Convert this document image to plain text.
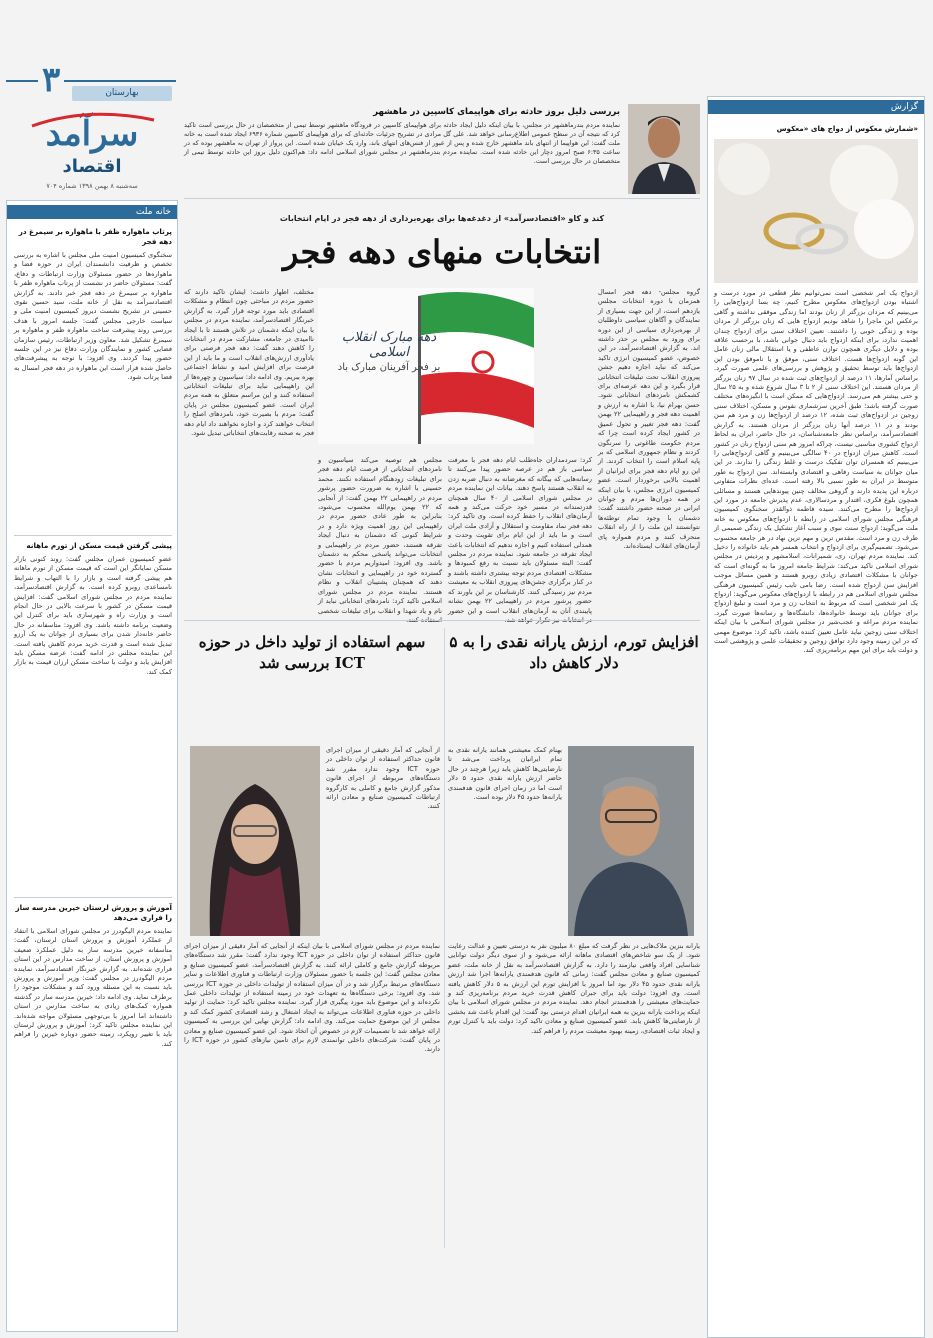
گزارش
شمارش معکوس از دواج های «معکوس»
ازدواج یک امر شخصی است نمی‌توانیم نظر قطعی در مورد درست و اشتباه بودن ازدواج‌های معکوس مطرح کنیم، چه بسا ازدواج‌هایی را می‌بینیم که مردان بزرگتر از زنان بودند اما زندگی موفقی نداشته و گاهی برعکس این ماجرا را شاهد بودیم ازدواج هایی که زنان بزرگتر از مردان بوده و زندگی خوبی را داشتند. تعیین اختلاف سنی برای ازدواج چندان اهمیت ندارد، برای اینکه ازدواج باید دنبال جوانی باشد، با برحسب علاقه بوده و دلایل دیگری همچون توازن عاطفی و یا استقلال مالی زنان عامل این گونه ازدواج‌ها هست. اختلاف سنی، موفق و یا ناموفق بودن این ازدواج‌ها باید توسط تحقیق و پژوهش و بررسی‌های علمی صورت گیرد. براساس آمارها، ۱۱ درصد از ازدواج‌های ثبت شده در سال ۹۷ زنان بزرگتر از مردان هستند. این اختلاف سنی از ۲ تا ۳ سال شروع شده و به ۲۵ سال و حتی بیشتر هم می‌رسد. ازدواج‌هایی که ممکن است با انگیزه‌های مختلف صورت گرفته باشد؛ طبق آخرین سرشماری نفوس و مسکن، اختلاف سنی زوجین در ازدواج‌های ثبت شده، ۱۲ درصد از ازدواج‌ها زن و مرد هم سن بودند و در ۱۱ درصد آنها زنان بزرگتر از مردان هستند. به گزارش اقتصادسرآمد، براساس نظر جامعه‌شناسان، در حال حاضر، ایران به لحاظ ازدواج کشوری مناسبی نیست، چراکه امروز هم سنی ازدواج زنان در کشور است. کاهش میزان ازدواج در ۴۰ سالگی می‌بینیم و گاهی ازدواج‌هایی را می‌بینیم که همسران توان تفکیک درست و غلط زندگی را ندارند. در این میان جوانان به سیاست رفاهی و اقتصادی وابسته‌اند. سن ازدواج به طور متوسط در ایران به طور نسبی بالا رفته است. عده‌ای نظرات متفاوتی درباره این پدیده دارند و گروهی مخالف چنین پیوندهایی هستند و مسائلی همچون بلوغ فکری، اقتدار و مردسالاری، عدم پذیرش جامعه در مورد این ازدواج‌ها را مطرح می‌کنند. سیده فاطمه ذوالقدر سخنگوی کمیسیون فرهنگی مجلس شورای اسلامی در رابطه با ازدواج‌های معکوس به خانه ملت می‌گوید: ازدواج سنت نبوی و سبب آغاز تشکیل یک زندگی صمیمی از طرف زن و مرد است. مقدس ترین و مهم ترین نهاد در هر جامعه محسوب می‌شود. تصمیم‌گیری برای ازدواج و انتخاب همسر هم باید خانواده را دخیل کند. نماینده مردم تهران، ری، شمیرانات، اسلامشهر و پردیس در مجلس شورای اسلامی تاکید می‌کند: شرایط جامعه امروز ما به گونه‌ای است که جوانان با مشکلات اقتصادی زیادی روبرو هستند و همین مسائل موجب افزایش سن ازدواج شده است. رضا بامی نایب رئیس کمیسیون فرهنگی مجلس شورای اسلامی هم در رابطه با ازدواج‌های معکوس می‌گوید: ازدواج یک امر شخصی است که مربوط به انتخاب زن و مرد است و تبلیغ ازدواج برای جوانان باید توسط خانواده‌ها، دانشگاه‌ها و رسانه‌ها صورت گیرد. نماینده مردم مراغه و عجب‌شیر در مجلس شورای اسلامی با بیان اینکه اختلاف سنی زوجین نباید عامل تعیین کننده باشد، تاکید کرد: موضوع مهمی که در این زمینه وجود دارد توافق زوجین و تحقیقات علمی و پژوهشی است و دولت باید برای این مهم برنامه‌ریزی کند.
۳	بهارستان
سرآمد
اقتصاد
سه‌شنبه ۸ بهمن ۱۳۹۸ شماره ۷۰۴
خانه ملت
پرتاب ماهواره ظفر با ماهواره بر سیمرغ در دهه فجر
سخنگوی کمیسیون امنیت ملی مجلس با اشاره به بررسی تخصص و ظرفیت دانشمندان ایران در حوزه فضا و ماهواره‌ها در حضور مسئولان وزارت ارتباطات و دفاع، گفت: مسئولان حاضر در نشست از پرتاب ماهواره ظفر با ماهواره بر سیمرغ در دهه فجر خبر دادند. به گزارش اقتصادسرآمد به نقل از خانه ملت، سید حسین نقوی حسینی در تشریح نشست دیروز کمیسیون امنیت ملی و سیاست خارجی مجلس گفت: جلسه امروز با هدف بررسی روند پیشرفت ساخت ماهواره ظفر و ماهواره بر سیمرغ تشکیل شد. معاون وزیر ارتباطات، رئیس سازمان فضایی کشور و نمایندگان وزارت دفاع نیز در این جلسه حضور پیدا کردند. وی افزود: با توجه به پیشرفت‌های حاصل شده قرار است این ماهواره در دهه فجر امسال به فضا پرتاب شود.
پیشی گرفتن قیمت مسکن از تورم ماهانه
عضو کمیسیون عمران مجلس گفت: روند کنونی بازار مسکن نمایانگر این است که قیمت مسکن از تورم ماهانه هم پیشی گرفته است و بازار را با التهاب و شرایط نامساعدی روبرو کرده است. به گزارش اقتصادسرآمد، نماینده مردم در مجلس شورای اسلامی گفت: افزایش قیمت مسکن در کشور با سرعت بالایی در حال انجام است و وزارت راه و شهرسازی باید برای کنترل این وضعیت برنامه داشته باشد. وی افزود: متاسفانه در حال حاضر خانه‌دار شدن برای بسیاری از جوانان به یک آرزو تبدیل شده است و قدرت خرید مردم کاهش یافته است. این نماینده مجلس در ادامه گفت: عرضه مسکن باید افزایش یابد و دولت با ساخت مسکن ارزان قیمت به بازار کمک کند.
آموزش و پرورش لرستان خیرین مدرسه ساز را فراری می‌دهد
نماینده مردم الیگودرز در مجلس شورای اسلامی با انتقاد از عملکرد آموزش و پرورش استان لرستان، گفت: متأسفانه خیرین مدرسه ساز به دلیل عملکرد ضعیف آموزش و پرورش استان، از ساخت مدارس در این استان فراری شده‌اند. به گزارش خبرنگار اقتصادسرآمد، نماینده مردم الیگودرز در مجلس گفت: وزیر آموزش و پرورش باید نسبت به این مسئله ورود کند و مشکلات موجود را برطرف نماید. وی ادامه داد: خیرین مدرسه ساز در گذشته همواره کمک‌های زیادی به ساخت مدارس در استان داشته‌اند اما امروز با بی‌توجهی مسئولان مواجه شده‌اند. این نماینده مجلس تاکید کرد: آموزش و پرورش لرستان باید با تغییر رویکرد، زمینه حضور دوباره خیرین را فراهم کند.
بررسی دلیل بروز حادثه برای هواپیمای کاسپین در ماهشهر
نماینده مردم بندرماهشهر در مجلس، با بیان اینکه دلیل ایجاد حادثه برای هواپیمای کاسپین در فرودگاه ماهشهر توسط تیمی از متخصصان در حال بررسی است تاکید کرد که نتیجه آن در سطح عمومی اطلاع‌رسانی خواهد شد. علی گل مرادی در تشریح جزئیات حادثه‌ای که برای هواپیمای کاسپین شماره ۶۹۳۶ ایجاد شده است به خانه ملت گفت: این هواپیما از انتهای باند ماهشهر خارج شده و پس از عبور از فنس‌های انتهای باند، وارد یک خیابان شده است. این پرواز از تهران به ماهشهر بوده که در ساعت ۶:۳۵ صبح امروز دچار این حادثه شده است. نماینده مردم بندرماهشهر در مجلس شورای اسلامی ادامه داد: هم‌اکنون دلیل بروز این حادثه توسط تیمی از متخصصان در حال بررسی است.
کند و کاو «اقتصادسرآمد» از دغدغه‌ها برای بهره‌برداری از دهه فجر در ایام انتخابات
انتخابات منهای دهه فجر
دهه مبارک انقلاب اسلامی
بر فجر آفرینان مبارک باد
گروه مجلس- دهه فجر امسال همزمان با دوره انتخابات مجلس یازدهم است، از این جهت بسیاری از نمایندگان و آگاهان سیاسی داوطلبان از بهره‌برداری سیاسی از این دوره برای ورود به مجلس بر حذر داشته اند. به گزارش اقتصادسرآمد، در این خصوص، عضو کمیسیون انرژی تاکید می‌کند که نباید اجازه دهیم جشن پیروزی انقلاب تحت تبلیغات انتخاباتی قرار بگیرد و این دهه عرصه‌ای برای کشمکش نامزدهای انتخاباتی شود. حسن بهرام نیا، با اشاره به ارزش و اهمیت دهه فجر و راهپیمایی ۲۲ بهمن گفت: دهه فجر تغییر و تحول عمیق در کشور ایجاد کرده است چرا که مردم حکومت طاغوتی را سرنگون کردند و نظام جمهوری اسلامی که بر پایه اسلام است را انتخاب کردند. از این رو ایام دهه فجر برای ایرانیان از اهمیت بالایی برخوردار است. عضو کمیسیون انرژی مجلس، با بیان اینکه در همه دوران‌ها مردم و جوانان ایرانی در صحنه حضور داشتند گفت: دشمنان با وجود تمام توطئه‌ها نتوانستند این ملت را از راه انقلاب منحرف کنند و مردم همواره پای آرمان‌های انقلاب ایستاده‌اند.
مختلف، اظهار داشت: ایشان تاکید دارند که حضور مردم در مباحثی چون انتظام و مشکلات اقتصادی باید مورد توجه قرار گیرد. به گزارش خبرنگار اقتصادسرآمد، نماینده مردم در مجلس با بیان اینکه دشمنان در تلاش هستند تا با ایجاد ناامیدی در جامعه، مشارکت مردم در انتخابات را کاهش دهند گفت: دهه فجر فرصتی برای یادآوری ارزش‌های انقلاب است و ما باید از این فرصت برای افزایش امید و نشاط اجتماعی بهره ببریم. وی ادامه داد: سیاسیون و چهره‌ها از این راهپیمایی نباید برای تبلیغات انتخاباتی استفاده کنند و این مراسم متعلق به همه مردم ایران است. عضو کمیسیون مجلس در پایان گفت: مردم با بصیرت خود، نامزدهای اصلح را انتخاب خواهند کرد و اجازه نخواهند داد ایام دهه فجر به صحنه رقابت‌های انتخاباتی تبدیل شود.
کرد: سردمداران جاه‌طلب ایام دهه فجر با معرفت سیاسی باز هم در عرصه حضور پیدا می‌کنند تا رسانه‌هایی که بیگانه که مغرضانه به دنبال ضربه زدن به انقلاب هستند پاسخ دهند. بیانات این نماینده مردم در مجلس شورای اسلامی از ۴۰ سال همچنان قدرتمندانه در مسیر خود حرکت می‌کند و همه آرمان‌های انقلاب را حفظ کرده است. وی تاکید کرد: دهه فجر نماد مقاومت و استقلال و آزادی ملت ایران است و ما باید از این ایام برای تقویت وحدت و همدلی استفاده کنیم و اجازه ندهیم که انتخابات باعث ایجاد تفرقه در جامعه شود. نماینده مردم در مجلس گفت: البته مسئولان باید نسبت به رفع کمبودها و مشکلات اقتصادی مردم توجه بیشتری داشته باشند و در کنار برگزاری جشن‌های پیروزی انقلاب به معیشت مردم نیز رسیدگی کنند. کارشناسان بر این باورند که حضور پرشور مردم در راهپیمایی ۲۲ بهمن نشانه پایبندی آنان به آرمان‌های انقلاب است و این حضور
مجلس هم توصیه می‌کند سیاسیون و نامزدهای انتخاباتی از فرصت ایام دهه فجر برای تبلیغات زودهنگام استفاده نکنند. محمد حسینی با اشاره به ضرورت حضور پرشور مردم در راهپیمایی ۲۲ بهمن گفت: از آنجایی که ۲۲ بهمن یوم‌الله محسوب می‌شود، بنابراین به طور عادی حضور مردم در راهپیمایی این روز اهمیت ویژه دارد و در شرایط کنونی که دشمنان به دنبال ایجاد تفرقه هستند، حضور مردم در راهپیمایی و انتخابات می‌تواند پاسخی محکم به دشمنان باشد. وی افزود: امیدواریم مردم با حضور گسترده خود در راهپیمایی و انتخابات نشان دهند که همچنان پشتیبان انقلاب و نظام هستند. نماینده مردم در مجلس شورای اسلامی تاکید کرد: نامزدهای انتخاباتی نباید از نام و یاد شهدا و انقلاب برای تبلیغات شخصی
افزایش تورم، ارزش یارانه نقدی را به ۵ دلار کاهش داد
بهنام کمک معیشتی همانند یارانه نقدی به تمام ایرانیان پرداخت می‌شد تا نارضایتی‌ها کاهش یابد زیرا هرچند در حال حاضر ارزش یارانه نقدی حدود ۵ دلار است اما در زمان اجرای قانون هدفمندی یارانه‌ها حدود ۴۵ دلار بوده است.
یارانه بنزین ملاک‌هایی در نظر گرفت که مبلغ ۸۰ میلیون نفر به درستی تعیین و عدالت رعایت شود. از یک سو شاخص‌های اقتصادی ماهانه ارائه می‌شود و از سوی دیگر دولت توانایی شناسایی افراد واقعی نیازمند را دارد. به گزارش اقتصادسرآمد به نقل از خانه ملت، عضو کمیسیون صنایع و معادن مجلس گفت: زمانی که قانون هدفمندی یارانه‌ها اجرا شد ارزش یارانه نقدی حدود ۴۵ دلار بود اما امروز با افزایش تورم این ارزش به ۵ دلار کاهش یافته است. وی افزود: دولت باید برای جبران کاهش قدرت خرید مردم برنامه‌ریزی کند و حمایت‌های معیشتی را هدفمند‌تر انجام دهد. نماینده مردم در مجلس شورای اسلامی با بیان اینکه پرداخت یارانه بنزین به همه ایرانیان اقدام درستی بود گفت: این اقدام باعث شد بخشی از نارضایتی‌ها کاهش یابد. عضو کمیسیون صنایع و معادن تاکید کرد: دولت باید با کنترل تورم و ایجاد ثبات اقتصادی، زمینه بهبود معیشت مردم را فراهم کند.
سهم استفاده از تولید داخل در حوزه ICT بررسی شد
از آنجایی که آمار دقیقی از میزان اجرای قانون حداکثر استفاده از توان داخلی در حوزه ICT وجود ندارد مقرر شد دستگاه‌های مربوطه از اجرای قانون مذکور گزارش جامع و کاملی به کارگروه ارتباطات کمیسیون صنایع و معادن ارائه کنند.
نماینده مردم در مجلس شورای اسلامی با بیان اینکه از آنجایی که آمار دقیقی از میزان اجرای قانون حداکثر استفاده از توان داخلی در حوزه ICT وجود ندارد گفت: مقرر شد دستگاه‌های مربوطه گزارش جامع و کاملی ارائه کنند. به گزارش اقتصادسرآمد، عضو کمیسیون صنایع و معادن مجلس گفت: این جلسه با حضور مسئولان وزارت ارتباطات و فناوری اطلاعات و سایر دستگاه‌های مرتبط برگزار شد و در آن میزان استفاده از تولیدات داخلی در حوزه ICT بررسی شد. وی افزود: برخی دستگاه‌ها به تعهدات خود در زمینه استفاده از تولیدات داخلی عمل نکرده‌اند و این موضوع باید مورد پیگیری قرار گیرد. نماینده مجلس تاکید کرد: حمایت از تولید داخلی در حوزه فناوری اطلاعات می‌تواند به ایجاد اشتغال و رشد اقتصادی کشور کمک کند و مجلس از این موضوع حمایت می‌کند. وی ادامه داد: گزارش نهایی این بررسی به کمیسیون ارائه خواهد شد تا تصمیمات لازم در خصوص آن اتخاذ شود. این عضو کمیسیون صنایع و معادن در پایان گفت: شرکت‌های داخلی توانمندی لازم برای تامین نیازهای کشور در حوزه ICT را دارند.
